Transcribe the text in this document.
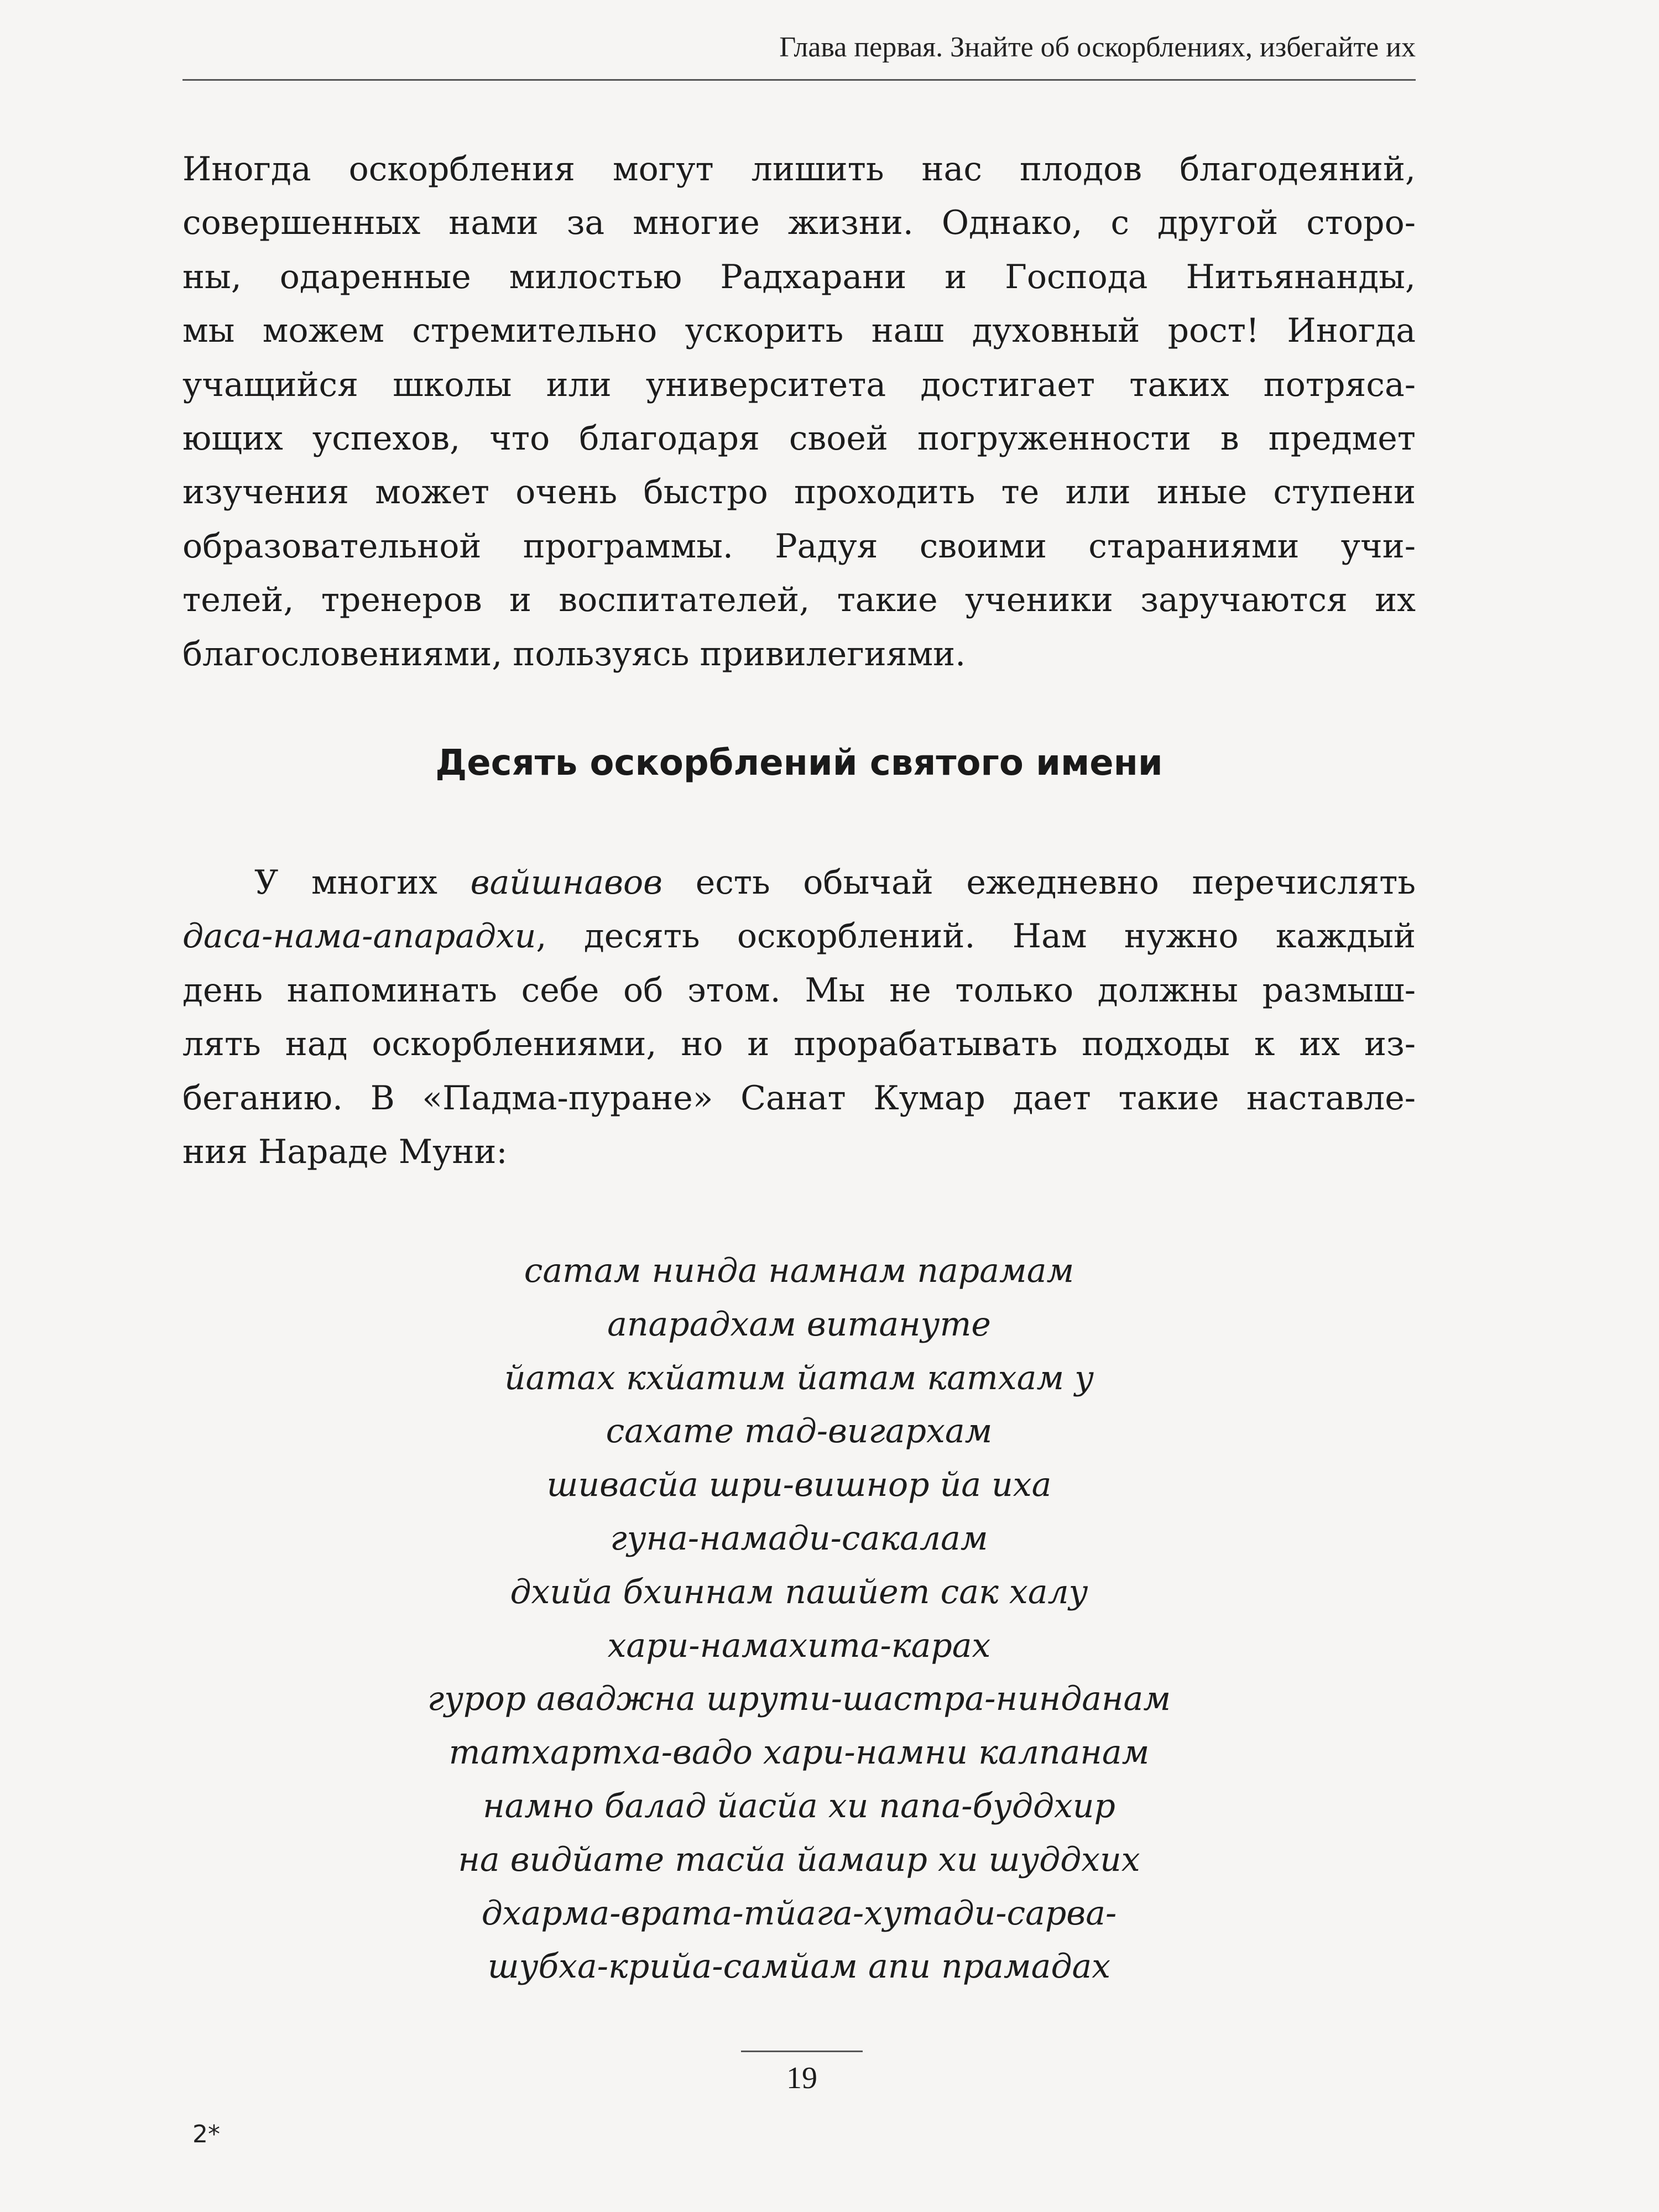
Глава первая. Знайте об оскорблениях, избегайте их
Иногда оскорбления могут лишить нас плодов благодеяний,
совершенных нами за многие жизни. Однако, с другой сторо-
ны, одаренные милостью Радхарани и Господа Нитьянанды,
мы можем стремительно ускорить наш духовный рост! Иногда
учащийся школы или университета достигает таких потряса-
ющих успехов, что благодаря своей погруженности в предмет
изучения может очень быстро проходить те или иные ступени
образовательной программы. Радуя своими стараниями учи-
телей, тренеров и воспитателей, такие ученики заручаются их
благословениями, пользуясь привилегиями.
Десять оскорблений святого имени
У многих вайшнавов есть обычай ежедневно перечислять
даса-нама-апарадхи, десять оскорблений. Нам нужно каждый
день напоминать себе об этом. Мы не только должны размыш-
лять над оскорблениями, но и прорабатывать подходы к их из-
беганию. В «Падма-пуране» Санат Кумар дает такие наставле-
ния Нараде Муни:
сатам нинда намнам парамам
апарадхам витануте
йатах кхйатим йатам катхам у
сахате тад-вигархам
шивасйа шри-вишнор йа иха
гуна-намади-сакалам
дхийа бхиннам пашйет сак халу
хари-намахита-карах
гурор аваджна шрути-шастра-ниндaнам
татхартха-вадо хари-намни калпанам
намно балад йасйа хи папа-буддхир
на видйате тасйа йамаир хи шуддхих
дхарма-врата-тйага-хутади-сарва-
шубха-крийа-самйам апи прамадах
19
2*
